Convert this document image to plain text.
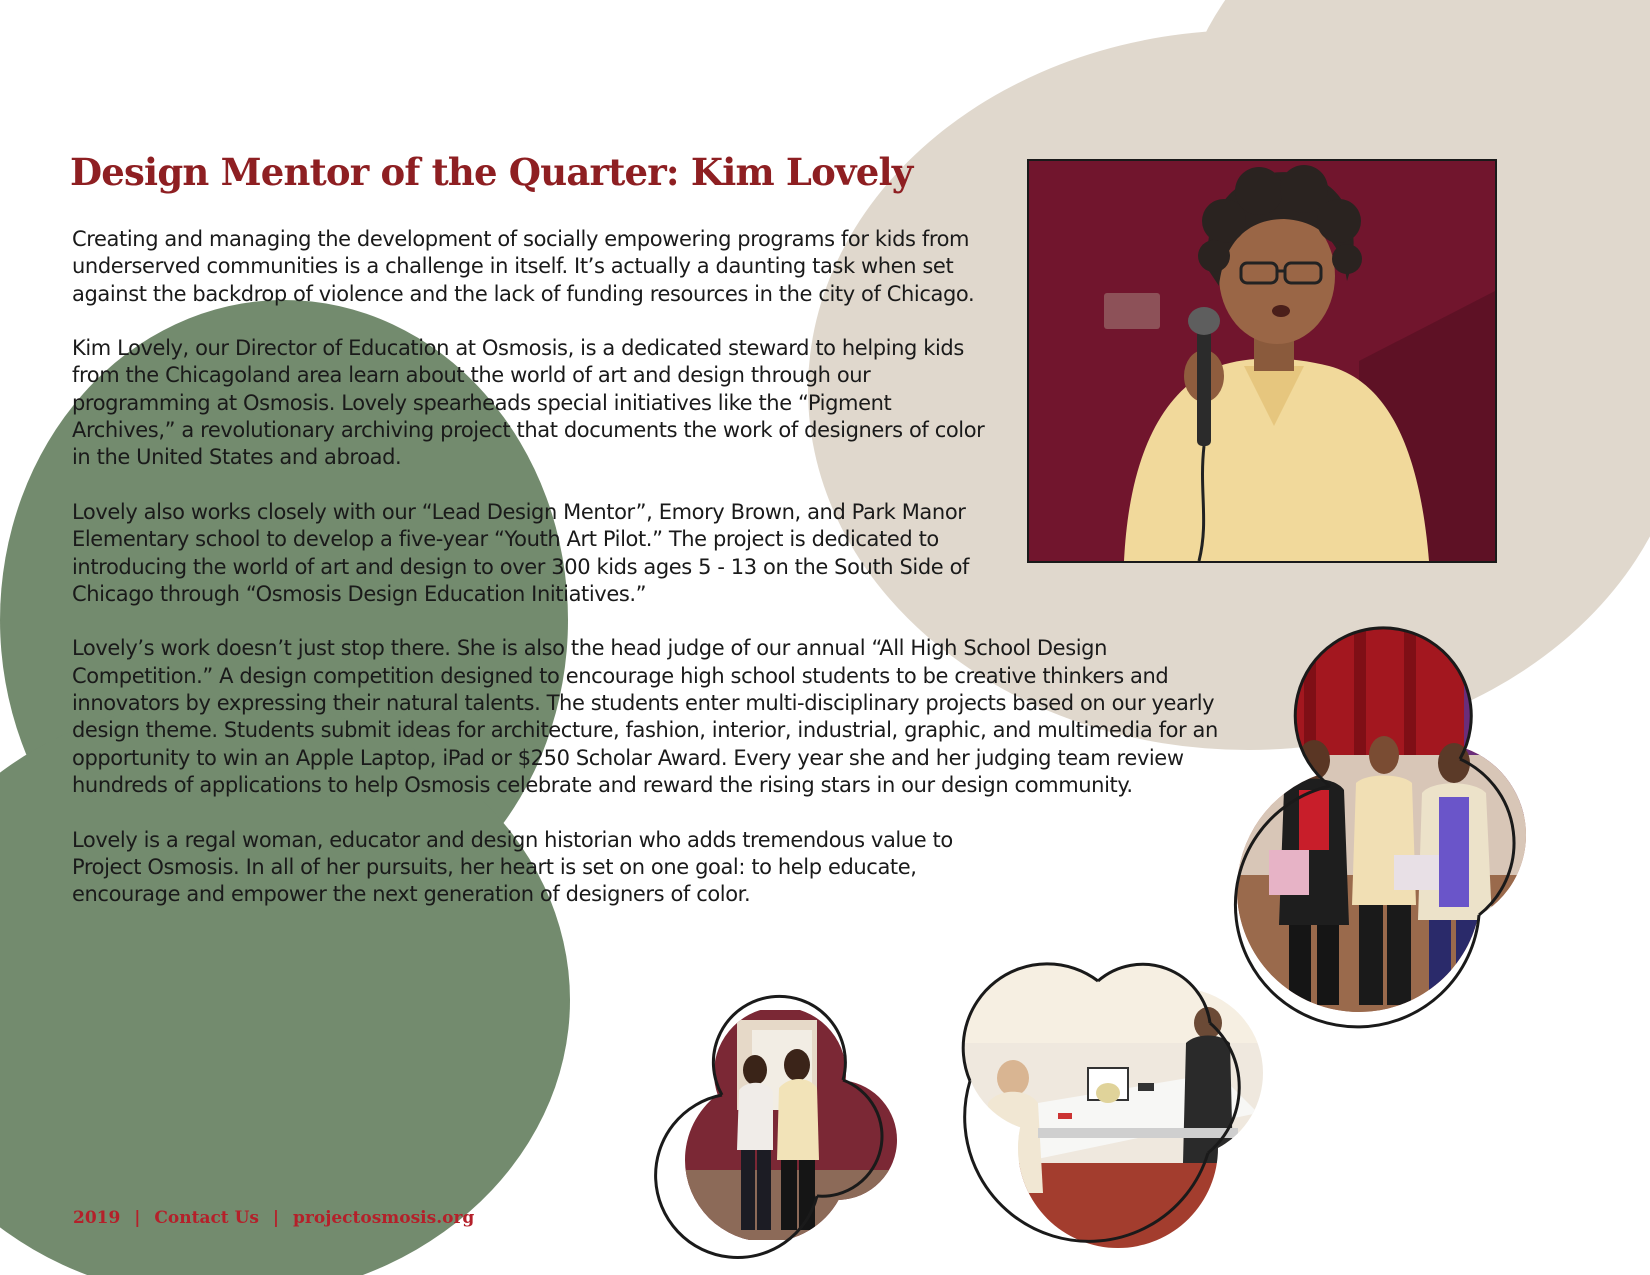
Design Mentor of the Quarter: Kim Lovely

Creating and managing the development of socially empowering programs for kids from underserved communities is a challenge in itself. It’s actually a daunting task when set against the backdrop of violence and the lack of funding resources in the city of Chicago.

Kim Lovely, our Director of Education at Osmosis, is a dedicated steward to helping kids from the Chicagoland area learn about the world of art and design through our programming at Osmosis. Lovely spearheads special initiatives like the “Pigment Archives,” a revolutionary archiving project that documents the work of designers of color in the United States and abroad.

Lovely also works closely with our “Lead Design Mentor”, Emory Brown, and Park Manor Elementary school to develop a five-year “Youth Art Pilot.” The project is dedicated to introducing the world of art and design to over 300 kids ages 5 - 13 on the South Side of Chicago through “Osmosis Design Education Initiatives.”

Lovely’s work doesn’t just stop there. She is also the head judge of our annual “All High School Design Competition.” A design competition designed to encourage high school students to be creative thinkers and innovators by expressing their natural talents. The students enter multi-disciplinary projects based on our yearly design theme. Students submit ideas for architecture, fashion, interior, industrial, graphic, and multimedia for an opportunity to win an Apple Laptop, iPad or $250 Scholar Award. Every year she and her judging team review hundreds of applications to help Osmosis celebrate and reward the rising stars in our design community.

Lovely is a regal woman, educator and design historian who adds tremendous value to Project Osmosis. In all of her pursuits, her heart is set on one goal: to help educate, encourage and empower the next generation of designers of color.

2019 | Contact Us | projectosmosis.org
